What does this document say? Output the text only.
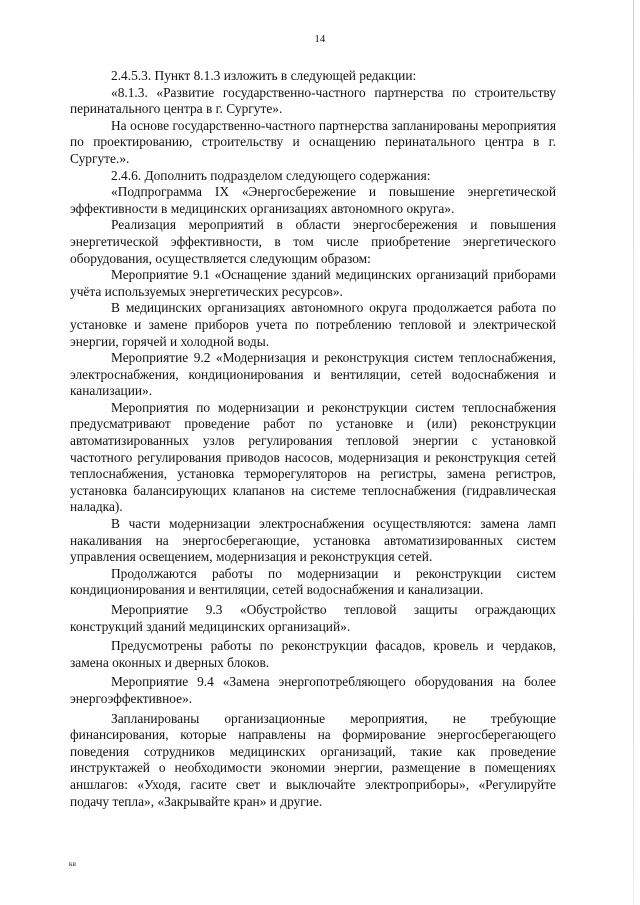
14

2.4.5.3. Пункт 8.1.3 изложить в следующей редакции:

«8.1.3. «Развитие государственно-частного партнерства по строительству перинатального центра в г. Сургуте».

На основе государственно-частного партнерства запланированы мероприятия по проектированию, строительству и оснащению перинатального центра в г. Сургуте.».

2.4.6. Дополнить подразделом следующего содержания:

«Подпрограмма IX «Энергосбережение и повышение энергетической эффективности в медицинских организациях автономного округа».

Реализация мероприятий в области энергосбережения и повышения энергетической эффективности, в том числе приобретение энергетического оборудования, осуществляется следующим образом:

Мероприятие 9.1 «Оснащение зданий медицинских организаций приборами учёта используемых энергетических ресурсов».

В медицинских организациях автономного округа продолжается работа по установке и замене приборов учета по потреблению тепловой и электрической энергии, горячей и холодной воды.

Мероприятие 9.2 «Модернизация и реконструкция систем теплоснабжения, электроснабжения, кондиционирования и вентиляции, сетей водоснабжения и канализации».

Мероприятия по модернизации и реконструкции систем теплоснабжения предусматривают проведение работ по установке и (или) реконструкции автоматизированных узлов регулирования тепловой энергии с установкой частотного регулирования приводов насосов, модернизация и реконструкция сетей теплоснабжения, установка терморегуляторов на регистры, замена регистров, установка балансирующих клапанов на системе теплоснабжения (гидравлическая наладка).

В части модернизации электроснабжения осуществляются: замена ламп накаливания на энергосберегающие, установка автоматизированных систем управления освещением, модернизация и реконструкция сетей.

Продолжаются работы по модернизации и реконструкции систем кондиционирования и вентиляции, сетей водоснабжения и канализации.

Мероприятие 9.3 «Обустройство тепловой защиты ограждающих конструкций зданий медицинских организаций».

Предусмотрены работы по реконструкции фасадов, кровель и чердаков, замена оконных и дверных блоков.

Мероприятие 9.4 «Замена энергопотребляющего оборудования на более энергоэффективное».

Запланированы организационные мероприятия, не требующие финансирования, которые направлены на формирование энергосберегающего поведения сотрудников медицинских организаций, такие как проведение инструктажей о необходимости экономии энергии, размещение в помещениях аншлагов: «Уходя, гасите свет и выключайте электроприборы», «Регулируйте подачу тепла», «Закрывайте кран» и другие.

кв
